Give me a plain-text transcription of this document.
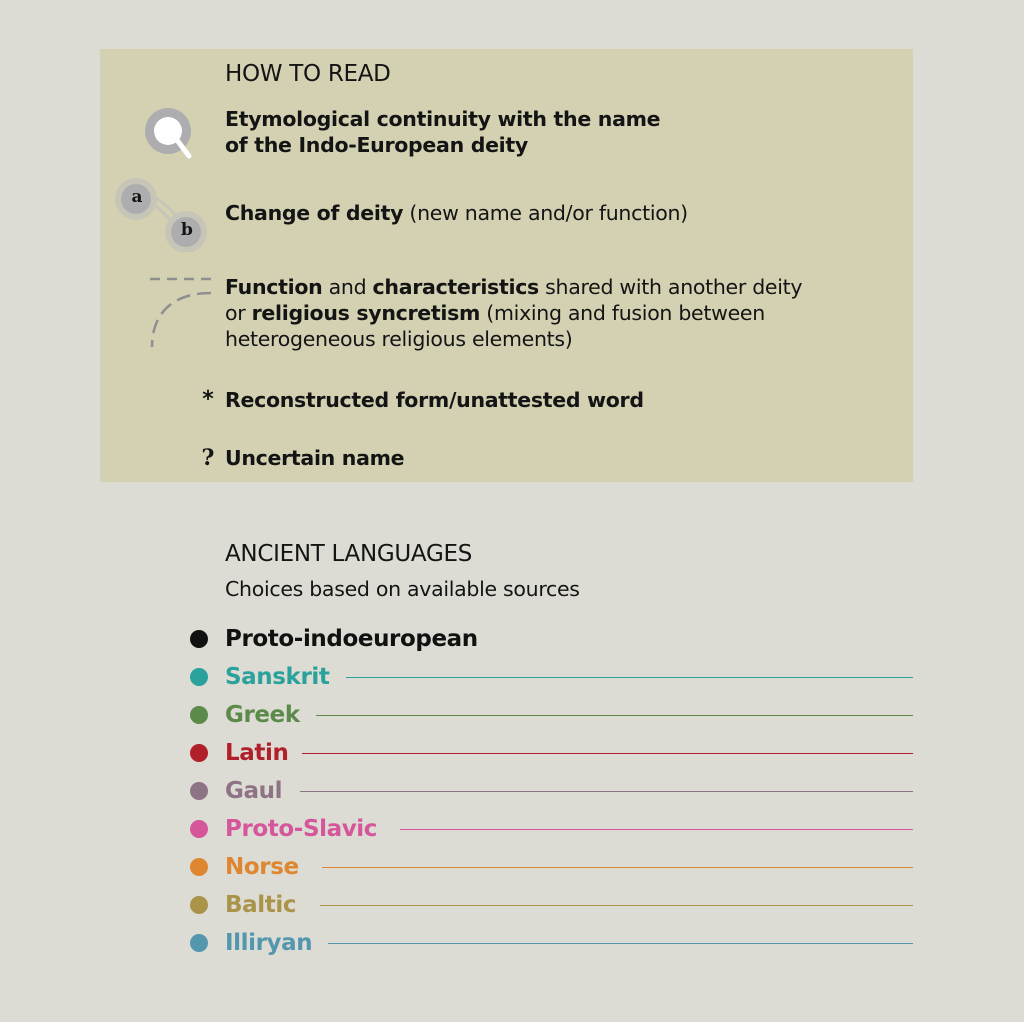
HOW TO READ
Etymological continuity with the name
of the Indo-European deity
a
b
Change of deity (new name and/or function)
Function and characteristics shared with another deity
or religious syncretism (mixing and fusion between
heterogeneous religious elements)
* Reconstructed form/unattested word
? Uncertain name
ANCIENT LANGUAGES
Choices based on available sources
Proto-indoeuropean
Sanskrit
Greek
Latin
Gaul
Proto-Slavic
Norse
Baltic
Illiryan
